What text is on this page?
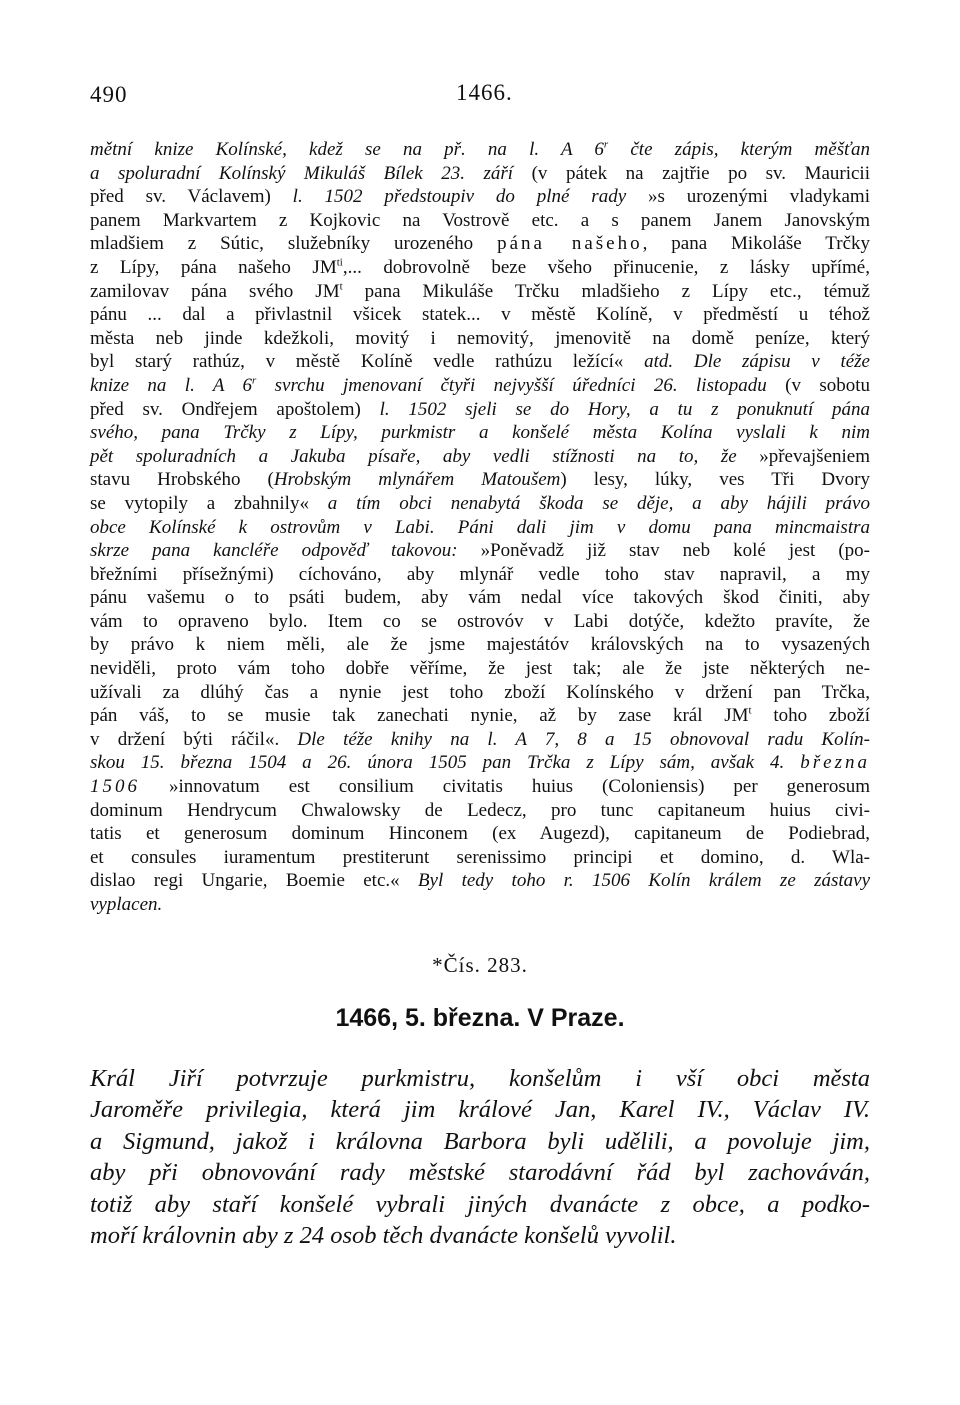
490	1466.
mětní knize Kolínské, kdež se na př. na l. A 6$^r$ čte zápis, kterým měšťan
a spoluradní Kolínský Mikuláš Bílek 23. září (v pátek na zajtřie po sv. Mauricii
před sv. Václavem) l. 1502 předstoupiv do plné rady »s urozenými vladykami
panem Markvartem z Kojkovic na Vostrově etc. a s panem Janem Janovským
mladšiem z Sútic, služebníky urozeného pána našeho, pana Mikoláše Trčky
z Lípy, pána našeho $JM^{ti}$,... dobrovolně beze všeho přinucenie, z lásky upřímé,
zamilovav pána svého $JM^t$ pana Mikuláše Trčku mladšieho z Lípy etc., témuž
pánu ... dal a přivlastnil všicek statek... v městě Kolíně, v předměstí u téhož
města neb jinde kdežkoli, movitý i nemovitý, jmenovitě na domě peníze, který
byl starý rathúz, v městě Kolíně vedle rathúzu ležící« atd. Dle zápisu v téže
knize na l. A 6$^r$ svrchu jmenovaní čtyři nejvyšší úředníci 26. listopadu (v sobotu
před sv. Ondřejem apoštolem) l. 1502 sjeli se do Hory, a tu z ponuknutí pána
svého, pana Trčky z Lípy, purkmistr a konšelé města Kolína vyslali k nim
pět spoluradních a Jakuba písaře, aby vedli stížnosti na to, že »převajšeniem
stavu Hrobského (Hrobským mlynářem Matoušem) lesy, lúky, ves Tři Dvory
se vytopily a zbahnily« a tím obci nenabytá škoda se děje, a aby hájili právo
obce Kolínské k ostrovům v Labi. Páni dali jim v domu pana mincmaistra
skrze pana kancléře odpověď takovou: »Poněvadž již stav neb kolé jest (po-
břežními přísežnými) cíchováno, aby mlynář vedle toho stav napravil, a my
pánu vašemu o to psáti budem, aby vám nedal více takových škod činiti, aby
vám to opraveno bylo. Item co se ostrovóv v Labi dotýče, kdežto pravíte, že
by právo k niem měli, ale že jsme majestátóv královských na to vysazených
neviděli, proto vám toho dobře věříme, že jest tak; ale že jste některých ne-
užívali za dlúhý čas a nynie jest toho zboží Kolínského v držení pan Trčka,
pán váš, to se musie tak zanechati nynie, až by zase král $JM^t$ toho zboží
v držení býti ráčil«. Dle téže knihy na l. A 7, 8 a 15 obnovoval radu Kolín-
skou 15. března 1504 a 26. února 1505 pan Trčka z Lípy sám, avšak 4. března
1506 »innovatum est consilium civitatis huius (Coloniensis) per generosum
dominum Hendrycum Chwalowsky de Ledecz, pro tunc capitaneum huius civi-
tatis et generosum dominum Hinconem (ex Augezd), capitaneum de Podiebrad,
et consules iuramentum prestiterunt serenissimo principi et domino, d. Wla-
dislao regi Ungarie, Boemie etc.« Byl tedy toho r. 1506 Kolín králem ze zástavy
vyplacen.
*Čís. 283.
1466, 5. března. V Praze.
Král Jiří potvrzuje purkmistru, konšelům i vší obci města
Jaroměře privilegia, která jim králové Jan, Karel IV., Václav IV.
a Sigmund, jakož i královna Barbora byli udělili, a povoluje jim,
aby při obnovování rady městské starodávní řád byl zachováván,
totiž aby staří konšelé vybrali jiných dvanácte z obce, a podko-
moří královnin aby z 24 osob těch dvanácte konšelů vyvolil.
